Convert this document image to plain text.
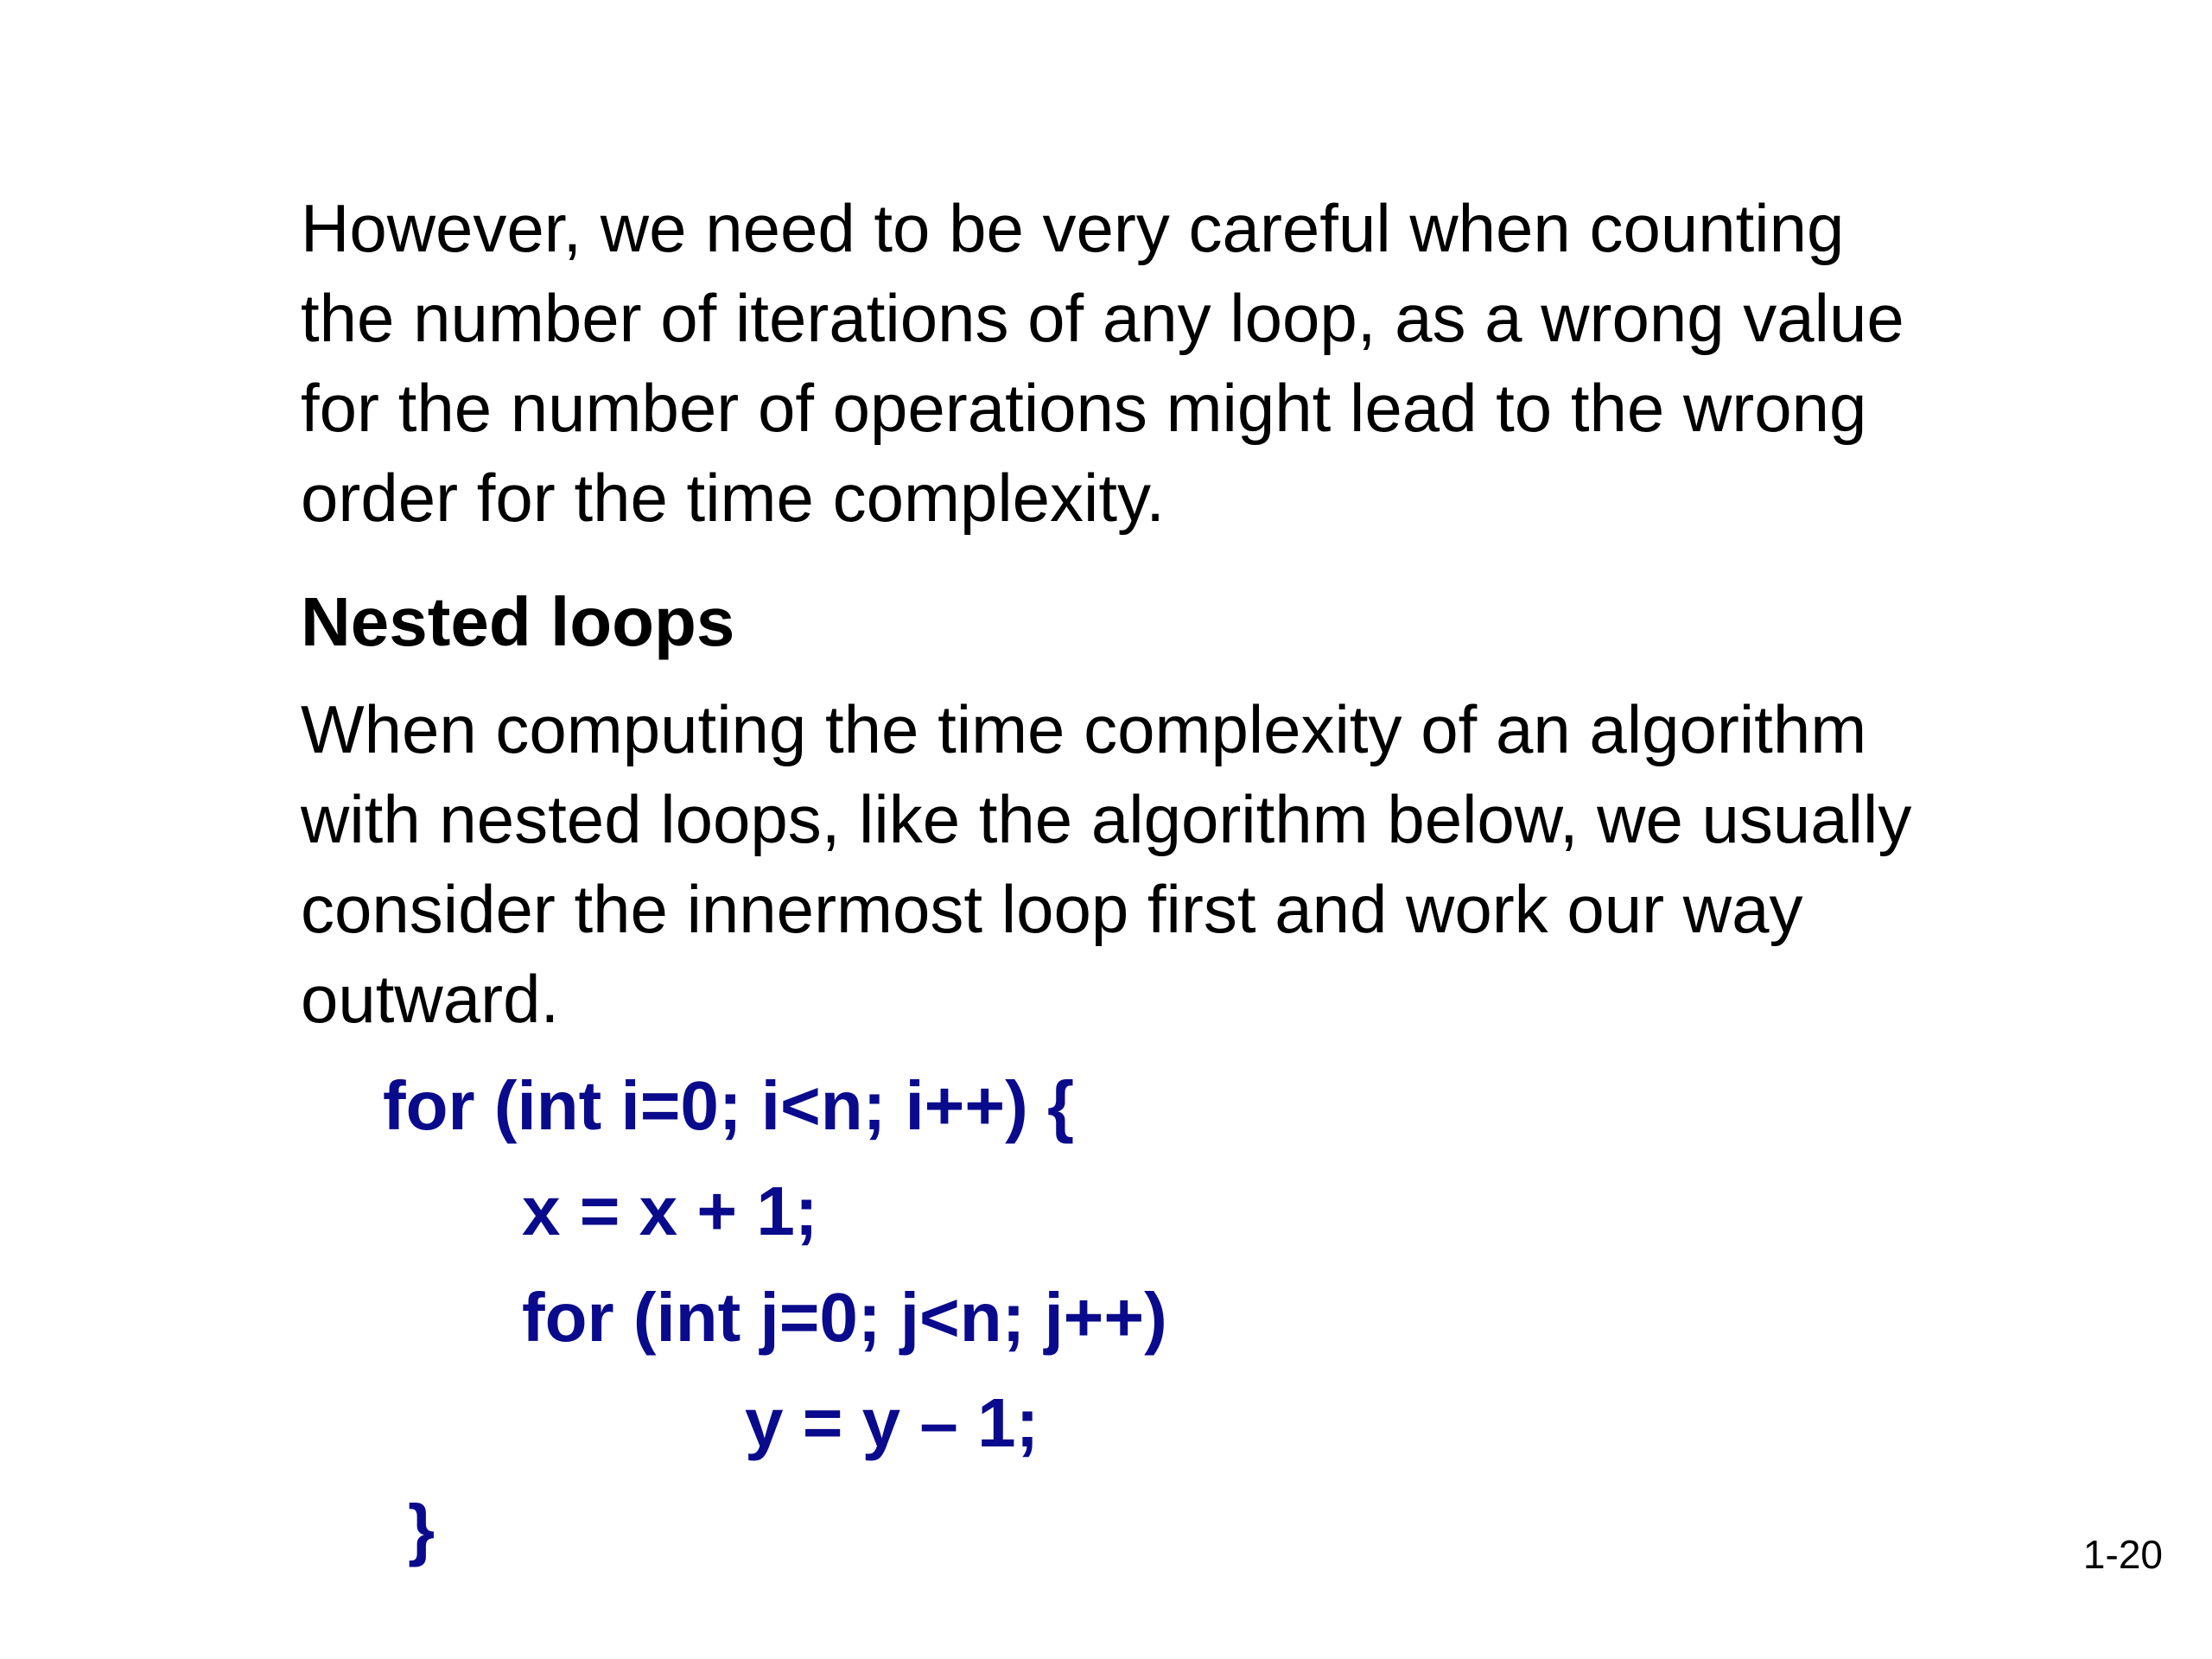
However, we need to be very careful when counting
the number of iterations of any loop, as a wrong value
for the number of operations might lead to the wrong
order for the time complexity.

Nested loops

When computing the time complexity of an algorithm
with nested loops, like the algorithm below, we usually
consider the innermost loop first and work our way
outward.

for (int i=0; i<n; i++) {

x = x + 1;

for (int j=0; j<n; j++)

y = y – 1;

}	1-20
